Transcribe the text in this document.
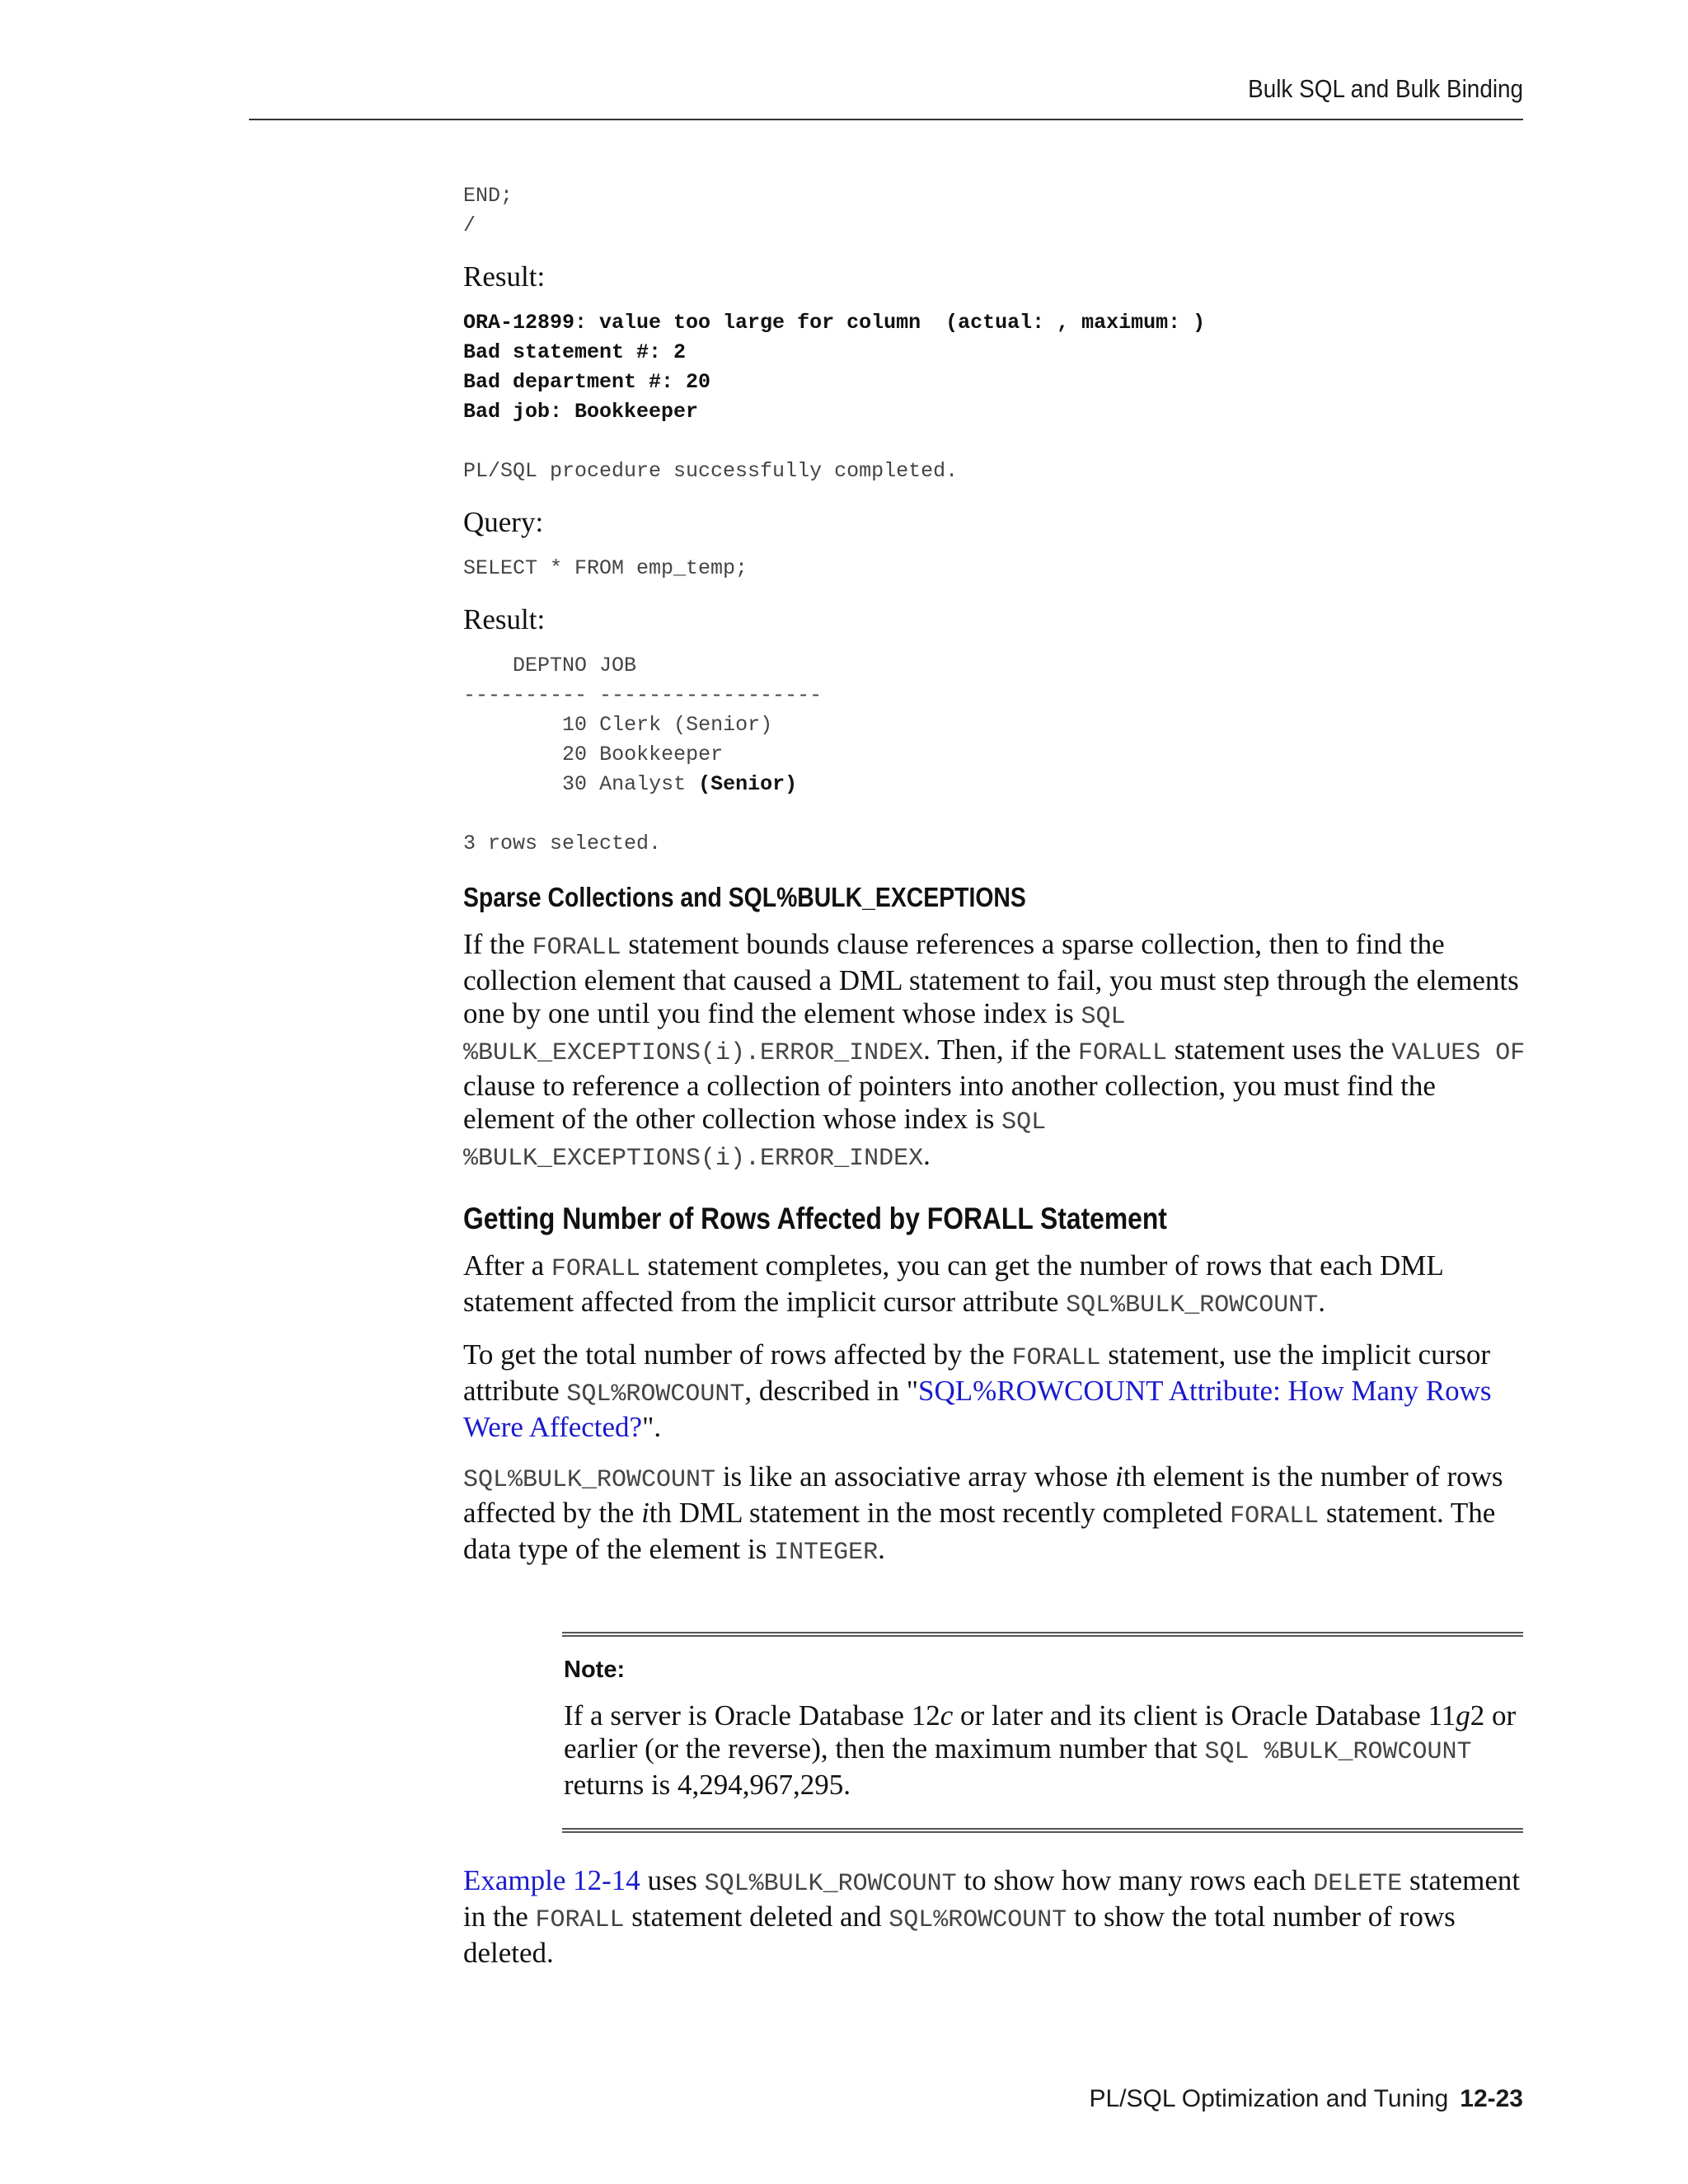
Bulk SQL and Bulk Binding
END;
/

Result:

ORA-12899: value too large for column  (actual: , maximum: )
Bad statement #: 2
Bad department #: 20
Bad job: Bookkeeper

PL/SQL procedure successfully completed.

Query:

SELECT * FROM emp_temp;

Result:

DEPTNO JOB
---------- ------------------
10 Clerk (Senior)
20 Bookkeeper
30 Analyst (Senior)

3 rows selected.
Sparse Collections and SQL%BULK_EXCEPTIONS

If the FORALL statement bounds clause references a sparse collection, then to find the collection element that caused a DML statement to fail, you must step through the elements one by one until you find the element whose index is SQL %BULK_EXCEPTIONS(i).ERROR_INDEX. Then, if the FORALL statement uses the VALUES OF clause to reference a collection of pointers into another collection, you must find the element of the other collection whose index is SQL %BULK_EXCEPTIONS(i).ERROR_INDEX.

Getting Number of Rows Affected by FORALL Statement

After a FORALL statement completes, you can get the number of rows that each DML statement affected from the implicit cursor attribute SQL%BULK_ROWCOUNT.

To get the total number of rows affected by the FORALL statement, use the implicit cursor attribute SQL%ROWCOUNT, described in "SQL%ROWCOUNT Attribute: How Many Rows Were Affected?".

SQL%BULK_ROWCOUNT is like an associative array whose ith element is the number of rows affected by the ith DML statement in the most recently completed FORALL statement. The data type of the element is INTEGER.

Note:
If a server is Oracle Database 12c or later and its client is Oracle Database 11g2 or earlier (or the reverse), then the maximum number that SQL %BULK_ROWCOUNT returns is 4,294,967,295.

Example 12-14 uses SQL%BULK_ROWCOUNT to show how many rows each DELETE statement in the FORALL statement deleted and SQL%ROWCOUNT to show the total number of rows deleted.

PL/SQL Optimization and Tuning 12-23
